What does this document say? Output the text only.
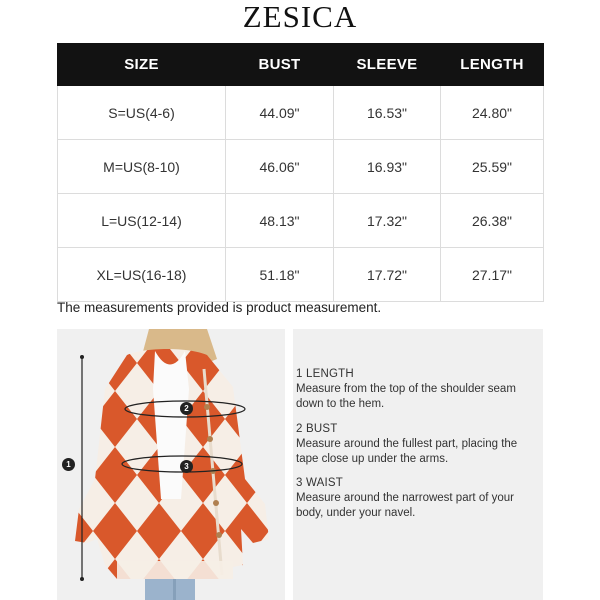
ZESICA
SIZE	BUST	SLEEVE	LENGTH
S=US(4-6)	44.09"	16.53"	24.80"
M=US(8-10)	46.06"	16.93"	25.59"
L=US(12-14)	48.13"	17.32"	26.38"
XL=US(16-18)	51.18"	17.72"	27.17"
The measurements provided is product measurement.
1
2
3
1 LENGTH
Measure from the top of the shoulder seam down to the hem.
2 BUST
Measure around the fullest part, placing the tape close up under the arms.
3 WAIST
Measure around the narrowest part of your body, under your navel.
